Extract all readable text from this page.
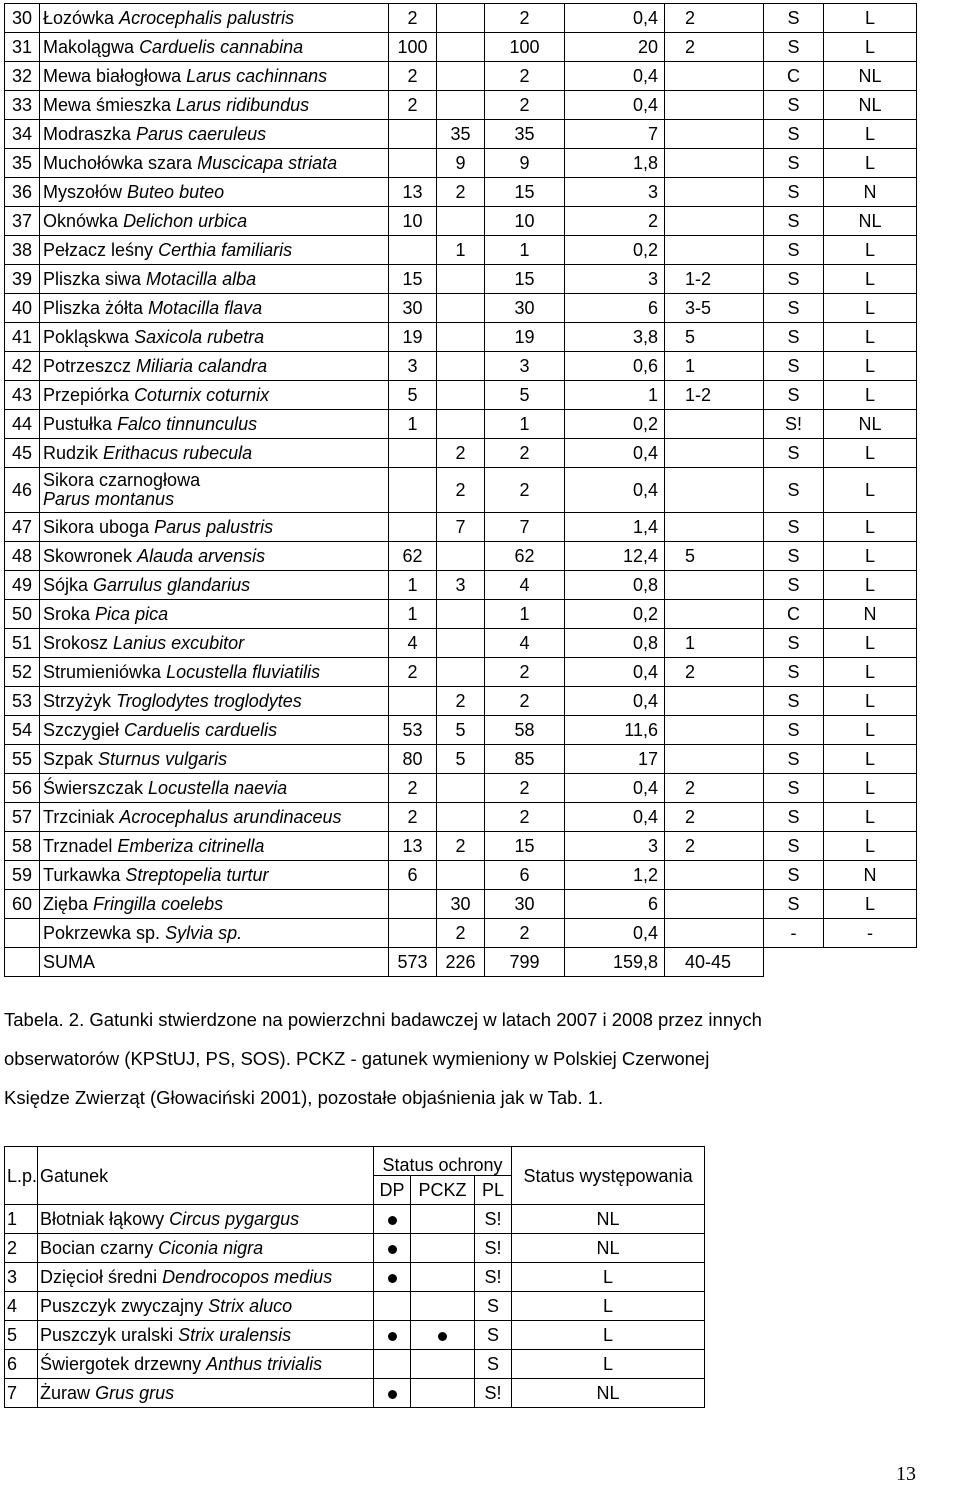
30	Łozówka Acrocephalis palustris	2		2	0,4	2	S	L
31	Makolągwa Carduelis cannabina	100		100	20	2	S	L
32	Mewa białogłowa Larus cachinnans	2		2	0,4		C	NL
33	Mewa śmieszka Larus ridibundus	2		2	0,4		S	NL
34	Modraszka Parus caeruleus		35	35	7		S	L
35	Muchołówka szara Muscicapa striata		9	9	1,8		S	L
36	Myszołów Buteo buteo	13	2	15	3		S	N
37	Oknówka Delichon urbica	10		10	2		S	NL
38	Pełzacz leśny Certhia familiaris		1	1	0,2		S	L
39	Pliszka siwa Motacilla alba	15		15	3	1-2	S	L
40	Pliszka żółta Motacilla flava	30		30	6	3-5	S	L
41	Pokląskwa Saxicola rubetra	19		19	3,8	5	S	L
42	Potrzeszcz Miliaria calandra	3		3	0,6	1	S	L
43	Przepiórka Coturnix coturnix	5		5	1	1-2	S	L
44	Pustułka Falco tinnunculus	1		1	0,2		S!	NL
45	Rudzik Erithacus rubecula		2	2	0,4		S	L
46	Sikora czarnogłowa
Parus montanus		2	2	0,4		S	L
47	Sikora uboga Parus palustris		7	7	1,4		S	L
48	Skowronek Alauda arvensis	62		62	12,4	5	S	L
49	Sójka Garrulus glandarius	1	3	4	0,8		S	L
50	Sroka Pica pica	1		1	0,2		C	N
51	Srokosz Lanius excubitor	4		4	0,8	1	S	L
52	Strumieniówka Locustella fluviatilis	2		2	0,4	2	S	L
53	Strzyżyk Troglodytes troglodytes		2	2	0,4		S	L
54	Szczygieł Carduelis carduelis	53	5	58	11,6		S	L
55	Szpak Sturnus vulgaris	80	5	85	17		S	L
56	Świerszczak Locustella naevia	2		2	0,4	2	S	L
57	Trzciniak Acrocephalus arundinaceus	2		2	0,4	2	S	L
58	Trznadel Emberiza citrinella	13	2	15	3	2	S	L
59	Turkawka Streptopelia turtur	6		6	1,2		S	N
60	Zięba Fringilla coelebs		30	30	6		S	L
	Pokrzewka sp. Sylvia sp.		2	2	0,4		-	-
	SUMA	573	226	799	159,8	40-45		

Tabela. 2. Gatunki stwierdzone na powierzchni badawczej w latach 2007 i 2008 przez innych

obserwatorów (KPStUJ, PS, SOS). PCKZ - gatunek wymieniony w Polskiej Czerwonej

Księdze Zwierząt (Głowaciński 2001), pozostałe objaśnienia jak w Tab. 1.

L.p.	Gatunek	Status ochrony			Status występowania
		DP	PCKZ	PL	
1	Błotniak łąkowy Circus pygargus			S!	NL
2	Bocian czarny Ciconia nigra			S!	NL
3	Dzięcioł średni Dendrocopos medius			S!	L
4	Puszczyk zwyczajny Strix aluco			S	L
5	Puszczyk uralski Strix uralensis			S	L
6	Świergotek drzewny Anthus trivialis			S	L
7	Żuraw Grus grus			S!	NL
13
